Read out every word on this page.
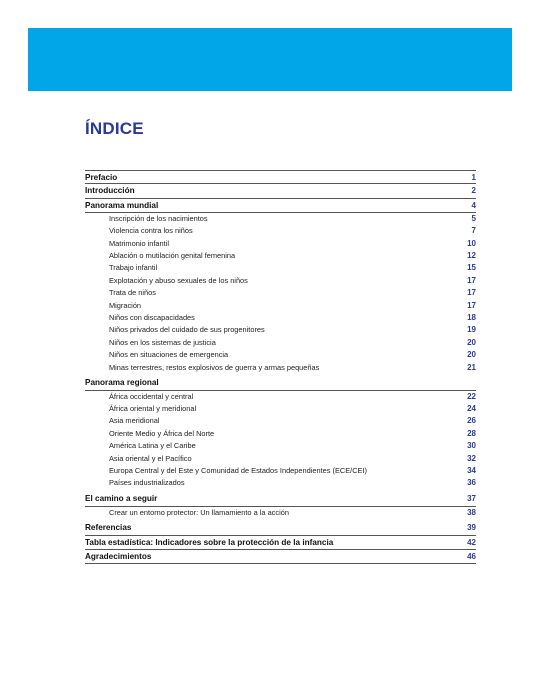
ÍNDICE
Prefacio	1
Introducción	2
Panorama mundial	4
Inscripción de los nacimientos	5
Violencia contra los niños	7
Matrimonio infantil	10
Ablación o mutilación genital femenina	12
Trabajo infantil	15
Explotación y abuso sexuales de los niños	17
Trata de niños	17
Migración	17
Niños con discapacidades	18
Niños privados del cuidado de sus progenitores	19
Niños en los sistemas de justicia	20
Niños en situaciones de emergencia	20
Minas terrestres, restos explosivos de guerra y armas pequeñas	21
Panorama regional
África occidental y central	22
África oriental y meridional	24
Asia meridional	26
Oriente Medio y África del Norte	28
América Latina y el Caribe	30
Asia oriental y el Pacífico	32
Europa Central y del Este y Comunidad de Estados Independientes (ECE/CEI)	34
Países industrializados	36
El camino a seguir	37
Crear un entorno protector: Un llamamiento a la acción	38
Referencias	39
Tabla estadística: Indicadores sobre la protección de la infancia	42
Agradecimientos	46
